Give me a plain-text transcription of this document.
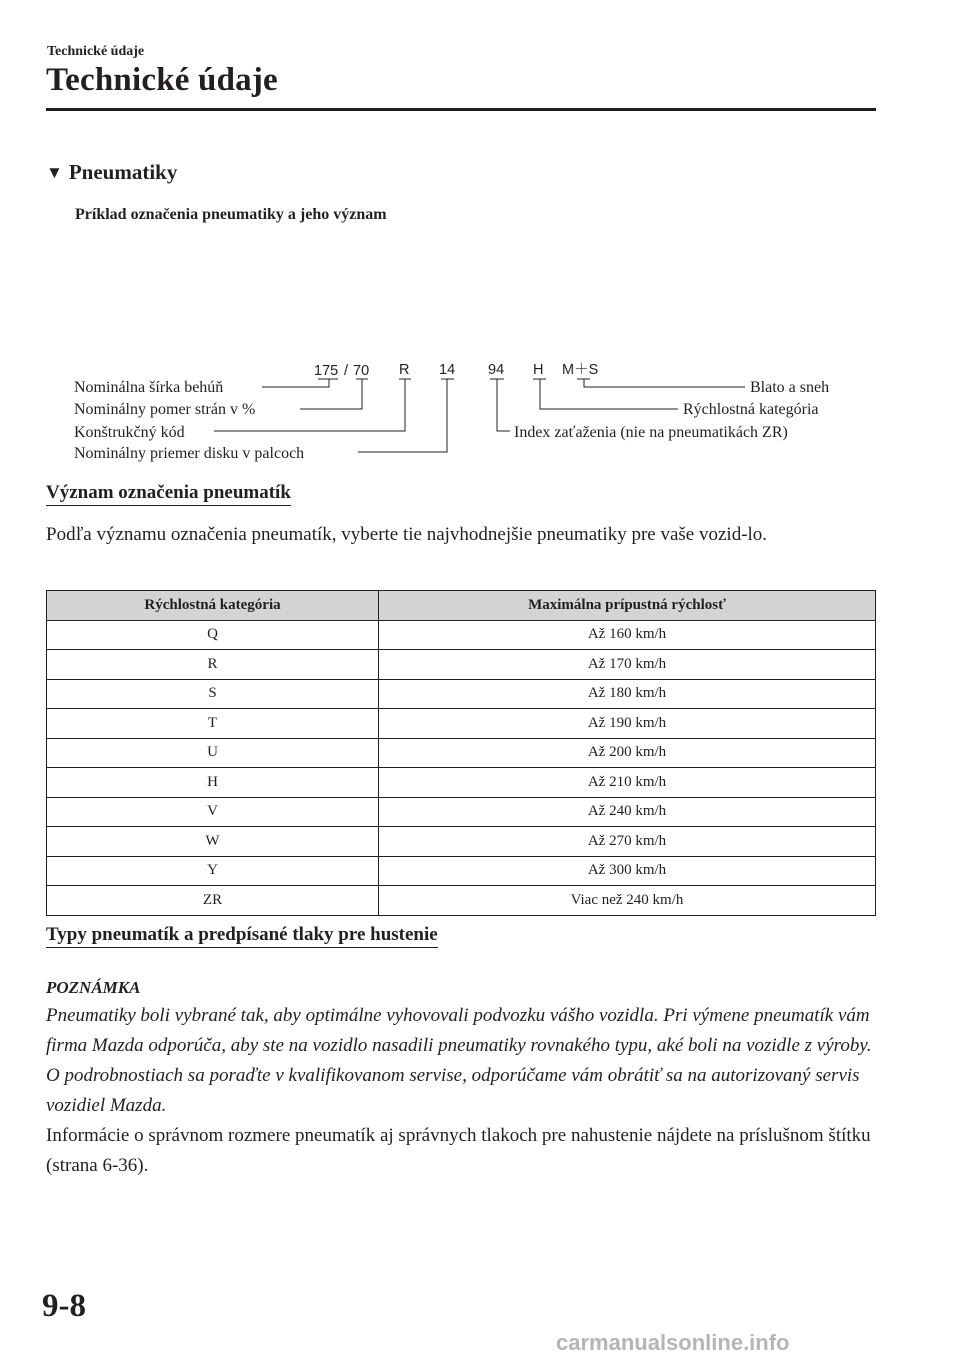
Technické údaje
Technické údaje
▼ Pneumatiky
Príklad označenia pneumatiky a jeho význam
175 / 70 R 14 94 H M＋S
Nominálna šírka behúň
Nominálny pomer strán v %
Konštrukčný kód
Nominálny priemer disku v palcoch
Blato a sneh
Rýchlostná kategória
Index zaťaženia (nie na pneumatikách ZR)
Význam označenia pneumatík
Podľa významu označenia pneumatík, vyberte tie najvhodnejšie pneumatiky pre vaše vozid-lo.
Rýchlostná kategória	Maximálna prípustná rýchlosť
Q	Až 160 km/h
R	Až 170 km/h
S	Až 180 km/h
T	Až 190 km/h
U	Až 200 km/h
H	Až 210 km/h
V	Až 240 km/h
W	Až 270 km/h
Y	Až 300 km/h
ZR	Viac než 240 km/h
Typy pneumatík a predpísané tlaky pre hustenie
POZNÁMKA
Pneumatiky boli vybrané tak, aby optimálne vyhovovali podvozku vášho vozidla. Pri výmene pneumatík vám firma Mazda odporúča, aby ste na vozidlo nasadili pneumatiky rovnakého typu, aké boli na vozidle z výroby. O podrobnostiach sa poraďte v kvalifikovanom servise, odporúčame vám obrátiť sa na autorizovaný servis vozidiel Mazda.
Informácie o správnom rozmere pneumatík aj správnych tlakoch pre nahustenie nájdete na príslušnom štítku (strana 6-36).
9-8
carmanualsonline.info
